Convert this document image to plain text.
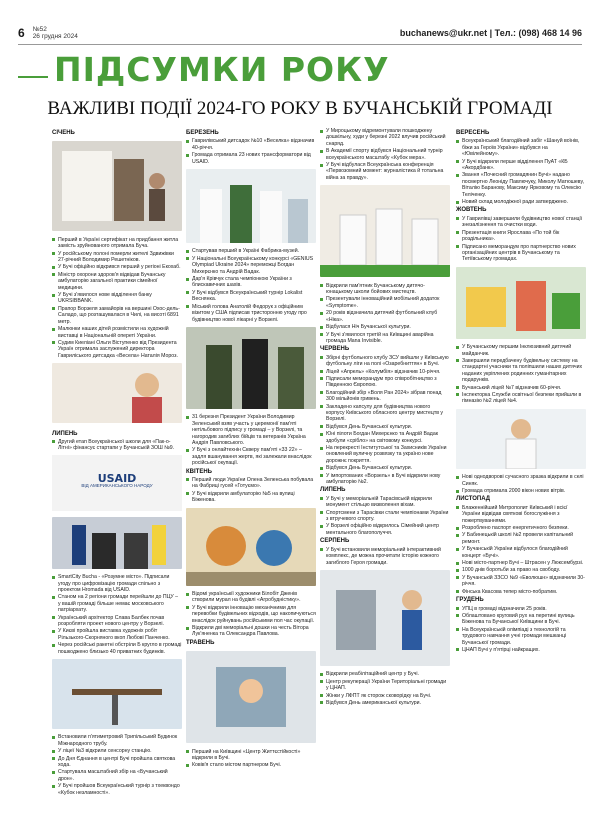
6 №52
26 грудня 2024	buchanews@ukr.net | Тел.: (098) 468 14 96
ПІДСУМКИ РОКУ
ВАЖЛИВІ ПОДІЇ 2024-ГО РОКУ В БУЧАНСЬКІЙ ГРОМАДІ
СІЧЕНЬ
Перший в Україні сертифікат на придбання житла замість зруйнованого отримала Буча.
У російському полоні померли жителі Здвижівки 27-річний Володимир Решетніков.
У Бучі офіційно відкрився перший у регіоні Екохаб.
Міністр охорони здоров'я відвідав Бучанську амбулаторію загальної практики сімейної медицини.
У Бучі з'явилося нове відділення банку UKRSIBBANK.
Прапор Ворзеля замайорів на вершині Охос-дель-Саладо, що розташувалася в Чилі, на висоті 6891 метр.
Малюнки наших дітей розмістили на художній виставці в Національній опереті України.
Судим Киеліані Ольги Віступенко від Президента Україн отримала заслужений директора Гавриліського дитсадка «Весела» Наталія Мороз.
ЛИПЕНЬ
Другий етап Всеукраїнської школи для «Пак-о-Літні» фінансує стартапи у Бучанській ЗОШ №9.
USAID
ВІД АМЕРИКАНСЬКОГО НАРОДУ
SmartCity Bucha - «Розумне місто». Підписали угоду про цифровізацію громади спільно з проектом Hromada від USAID.
Станом на 2 регіони громади перейшли до ПЦУ – у вашій громаді більше немає московського патріархату.
Український архітектор Слава Балбек почав розробляти проект нового центру у Ворзелі.
У Києві пройшла виставка художніх робіт Рільзького-Скорняного вкоп Любові Панченко.
Через російські ракетні обстріли Б кругло в громаді пошкоджено близько 40 приватних будинків.
Встановили п'ятиметровий Трипільський Будинок Міжнародного трубу.
У ліцеї №3 відкрили сенсорну станцію.
До Дня Єднання в центрі Бучі пройшла святкова хода.
Стартувала масштабний збір на «Бучанський дрон».
У Бучі пройшов Всеукраїнський турнір з тхеквондо «Кубок незламності».
БЕРЕЗЕНЬ
Гаврилівський дитсадок №10 «Веселка» відзначив 40-річчя.
Громада отримала 23 нових трансформатори від USAID.
Стартував перший в Україні Фабрика-музей.
У Національні Всеукраїнському конкурсі «GENIUS Olympiad Ukraine 2024» переможці Богдан Михерєнко та Андрій Вадак.
Дар'я Крівчук стала чемпіонкою України з блискавичних шахів.
У Бучі відбувся Всеукраїнський турнір Lokalist Веснянка.
Міський голова Анатолій Федорук з офіційним візитом у США підписав тристоронню угоду про будівництво нової лікарні у Ворзелі.
31 березня Президент України Володимир Зеленський взяв участь у церемонії пам'яті нетільбового підпису у громаді – у Ворзелі, та нагородив загиблих бійців та ветеранів Україна Андрія Павловського.
У Бучі з онлайтехнін Скверу пам'яті «33 22» – задля вшанування жертв, які залежали внаслідок російської окупації.
КВІТЕНЬ
Перший люди України Олена Зеленська побувала на Фабриці гусей «Готуємо».
У Бучі відкрили амбулаторію №5 на вулиці Біженова.
Відомі українськії художники Білобіт Дженів створили мурал на будівлі «Агробудністику».
У Бучі відкрили інновацію механічними для перевобки будівельних відходів, що накопичуються внаслідок руйнувань російськими пол час окупації.
Відкрили дві меморіальні дошки на честь Вітора Лук'яненка та Олександра Павлова.
ТРАВЕНЬ
Перший на Київщині «Центр Життєстійкості» відкрили в Бучі.
Ковів'я стало містом партнером Бучі.
У Мироцькому відремонтували пошкоджену дошкільну, худи у березні 2022 влучив російський снаряд.
В Академії спорту відбувся Національний турнір всеукраїнського масштабу «Кубок мера».
У Бучі відбулася Всеукраїнська конференція «Первозомний момент: журналістика й тотальна війна за правду».
Відкрили пам'ятник Бучанському дитячо-юнацькому школи бойових мистецтв.
Презентували інноваційний мобільний додаток «Symptome».
20 років відзначила дитячий футбольний клуб «Ніка».
Відбулася Ніч Бучанської культури.
У Бучі з'явилося третій на Київщині аварійна громада Mana Invisible.
ЧЕРВЕНЬ
Збірні футбольного клубу ЗСУ вийшли у Київськую футбольну ліги на полі «Озаребниттян» в Бучі.
Ліцей «Апрель» «Колумбія» відзначив 10-річчя.
Підписали меморандум про співробітництво з Південною Європою.
Благодійний збір «Воля Ран 2024» зібрав понад 300 мільйонів гривень.
Закладено капсулу для будівництва нового корпусу Київського обласного центру мистецтв у Ворзелі.
Відбувся День Бучанської культури.
Юні пілоти Богдан Михерєнко та Андрій Вадак здобули «срібло» на світовому конкурсі.
На перекресті Інститутської та Захисників України оновлений вуличну розвязку та україно нове дорожнє покриття.
Відбувся День Бучанської культури.
У імпортованих «Ворзель» в Бучі відкрили нову амбулаторію №2.
ЛИПЕНЬ
У Бучі у меморіальній Тарасівській відкрили монумент стільцю визволення віхам.
Спортсмени з Тарасівки стали чемпіонами України з втручевого спорту.
У Ворзелі офіційно відкрилось Сімейний центр ментального благополуччя.
СЕРПЕНЬ
У Бучі встановили меморіальний інтерактивний комплекс, де можна прочитати історію кожного загиблого Героя громади.
Відкрили реабілітаційний центр у Бучі.
Центр рекуперації України Територіальні громади у ЦНАП.
Жінки у ЛФПТ як сторож сковорідку на Бучі.
Відбувся День американської культури.
ВЕРЕСЕНЬ
Всеукраїнський благодійний забіг «Шануй воїнів, біжи за Героїв України» відбувся на «Ювілейному».
У Бучі відкрили перше відділення ПуАТ «КБ «Акордбанк».
Звання «Почесний громадянин Бучі» надано посмертно Леоніду Павлючуку, Миколу Матюшеву, Віталію Баранову, Максиму Ярковому та Олексію Теліченку.
Новий склад молодіжної ради затверджено.
ЖОВТЕНЬ
У Гаврилівці завершили будівництво нової станції знезалізнення та очистки води.
Презентація книги Ярослава «По той бік роздільника».
Підписано меморандум про партнерство нових організаційних центрів в Бучанському та Тетіївському громадах.
У Бучанському першим Інклюзивний дитячий майданчик.
Завершили передбачену будівельну систему на стандартні учасники та поліпшили наших дитячих наданих укріплених родинних гуманітарних подарунків.
Бучанський ліцей №7 відзначив 60-річчя.
Інспекторка Служби освітньої безпеки прийшли в гімназію №2 ліцей №4.
Нові однодворові сучасного зразка відкрили в селі Синяк.
Громада отримала 2000 вікон нових вітрів.
ЛИСТОПАД
Блаженнійший Митрополит Київський і всієї України відвідав святкові богослужіння з пожертвуваннями.
Розроблено паспорт енергетичного безпеки.
У Бабинецькій школі №2 провели капітальний ремонт.
У Бучанській України відбулося благодійний концерт «Бучі».
Нові місто-партнер Бучі – Штрасен у Люксембурзі.
1000 днів боротьби за право на свободу.
У Бучанській ЗЗСО №9 «Еволюшн» відзначили 30-річчя.
Фінська Квасова тепер місто-побратим.
ГРУДЕНЬ
УПЦ в громаді відзначили 25 років.
Облаштовано круговий рух на перетині вулиць Біженова та Бучанської Київщини в Бучі.
На Всеукраїнській олімпіаді з технологій та трудового навчання учні громади мешканці Бучанської громади.
ЦНАП Бучі у п'ятірці найкращих.
